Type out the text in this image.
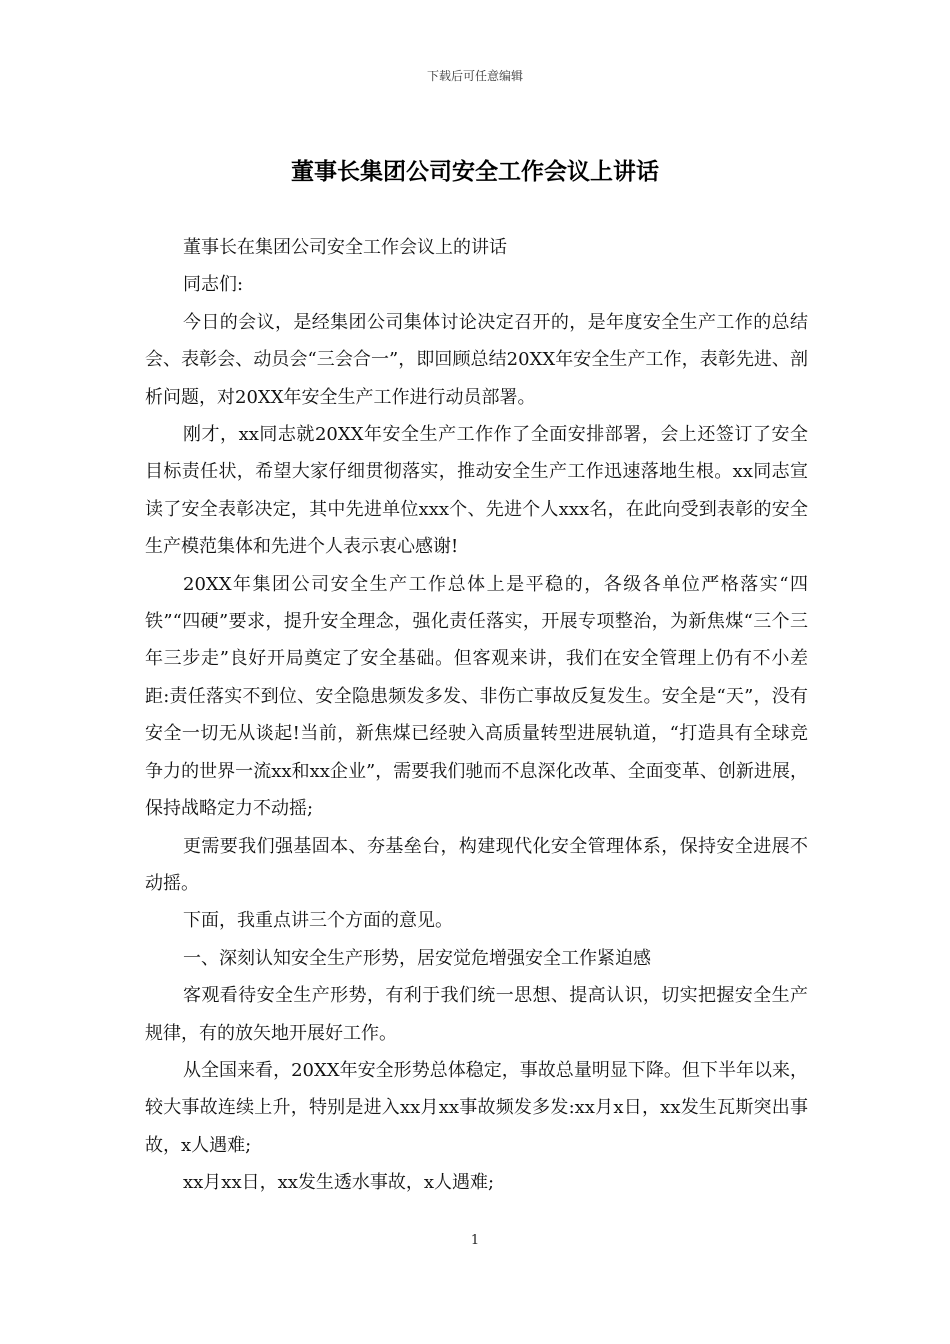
下载后可任意编辑
董事长集团公司安全工作会议上讲话

董事长在集团公司安全工作会议上的讲话

同志们:

今日的会议，是经集团公司集体讨论决定召开的，是年度安全生产工作的总结会、表彰会、动员会“三会合一”，即回顾总结20XX年安全生产工作，表彰先进、剖析问题，对20XX年安全生产工作进行动员部署。

刚才，xx同志就20XX年安全生产工作作了全面安排部署，会上还签订了安全目标责任状，希望大家仔细贯彻落实，推动安全生产工作迅速落地生根。xx同志宣读了安全表彰决定，其中先进单位xxx个、先进个人xxx名，在此向受到表彰的安全生产模范集体和先进个人表示衷心感谢!

20XX年集团公司安全生产工作总体上是平稳的，各级各单位严格落实“四铁”“四硬”要求，提升安全理念，强化责任落实，开展专项整治，为新焦煤“三个三年三步走”良好开局奠定了安全基础。但客观来讲，我们在安全管理上仍有不小差距:责任落实不到位、安全隐患频发多发、非伤亡事故反复发生。安全是“天”，没有安全一切无从谈起!当前，新焦煤已经驶入高质量转型进展轨道，“打造具有全球竞争力的世界一流xx和xx企业”，需要我们驰而不息深化改革、全面变革、创新进展，保持战略定力不动摇;

更需要我们强基固本、夯基垒台，构建现代化安全管理体系，保持安全进展不动摇。

下面，我重点讲三个方面的意见。

一、深刻认知安全生产形势，居安觉危增强安全工作紧迫感

客观看待安全生产形势，有利于我们统一思想、提高认识，切实把握安全生产规律，有的放矢地开展好工作。

从全国来看，20XX年安全形势总体稳定，事故总量明显下降。但下半年以来，较大事故连续上升，特别是进入xx月xx事故频发多发:xx月x日，xx发生瓦斯突出事故，x人遇难;

xx月xx日，xx发生透水事故，x人遇难;

1
